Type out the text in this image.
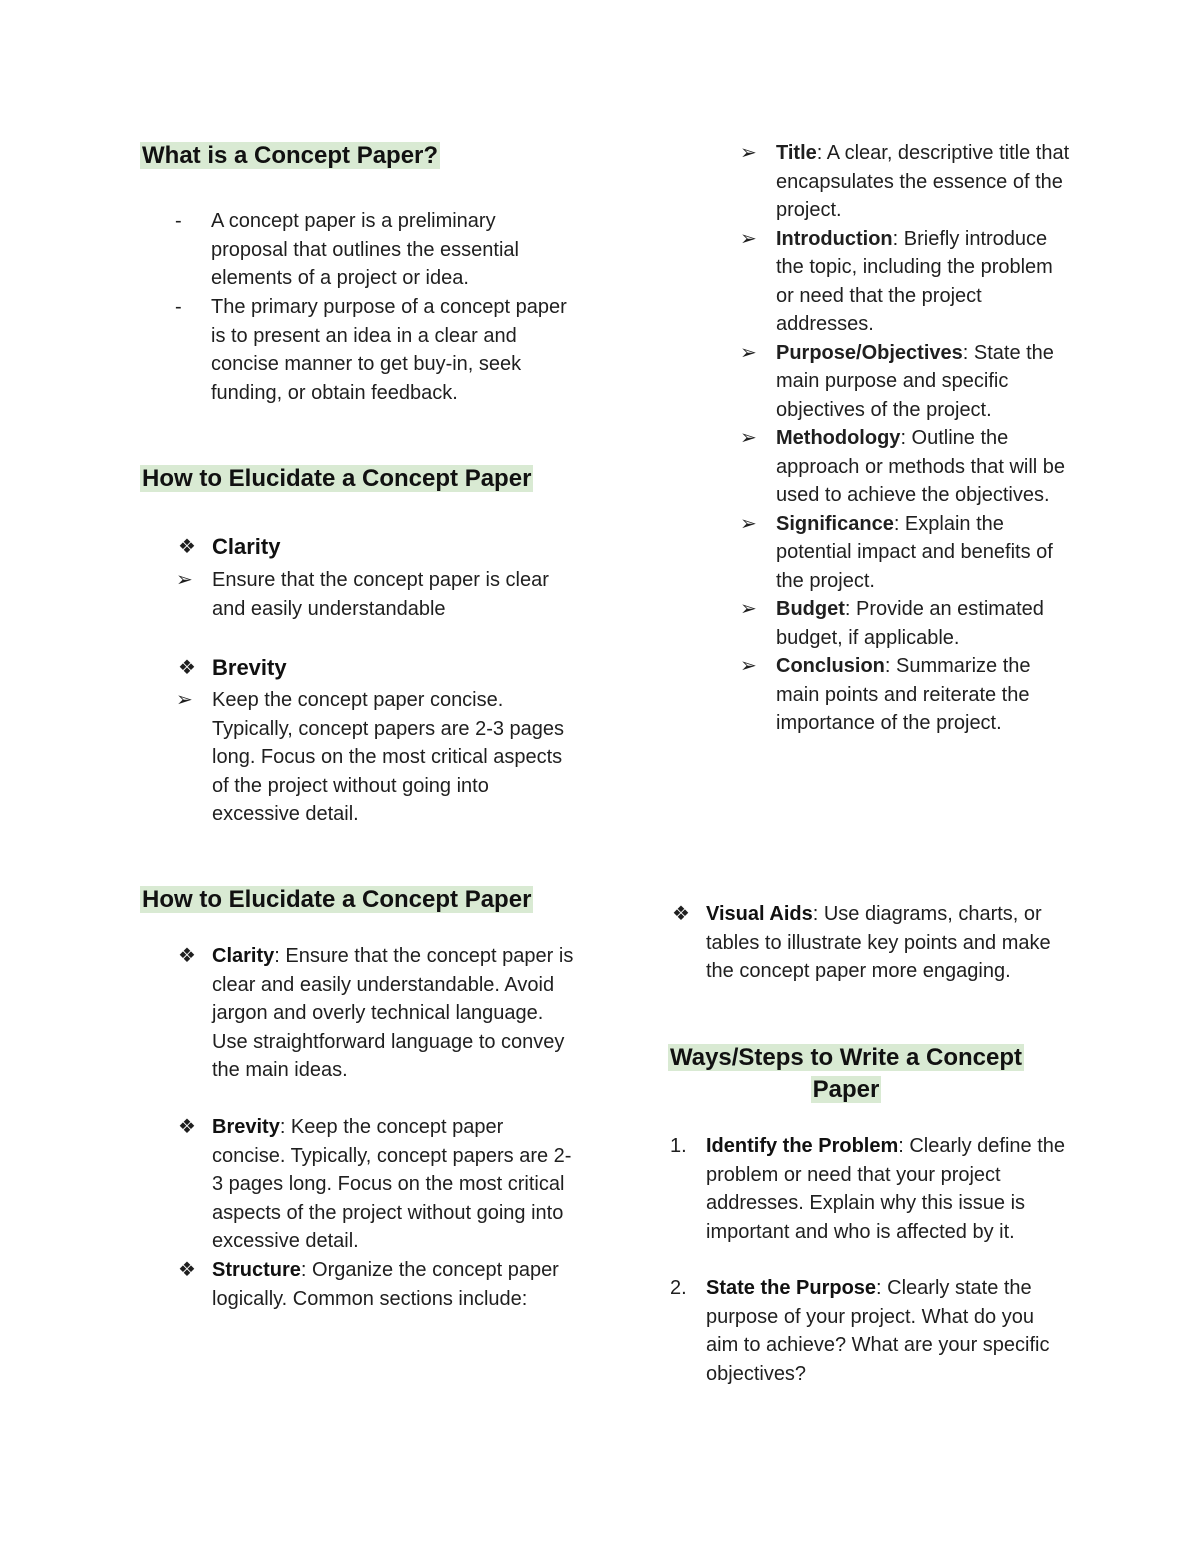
What is a Concept Paper?
- A concept paper is a preliminary proposal that outlines the essential elements of a project or idea.
- The primary purpose of a concept paper is to present an idea in a clear and concise manner to get buy-in, seek funding, or obtain feedback.
How to Elucidate a Concept Paper
❖ Clarity
➢ Ensure that the concept paper is clear and easily understandable
❖ Brevity
➢ Keep the concept paper concise. Typically, concept papers are 2-3 pages long. Focus on the most critical aspects of the project without going into excessive detail.
How to Elucidate a Concept Paper
❖ Clarity: Ensure that the concept paper is clear and easily understandable. Avoid jargon and overly technical language. Use straightforward language to convey the main ideas.
❖ Brevity: Keep the concept paper concise. Typically, concept papers are 2-3 pages long. Focus on the most critical aspects of the project without going into excessive detail.
❖ Structure: Organize the concept paper logically. Common sections include:
➢ Title: A clear, descriptive title that encapsulates the essence of the project.
➢ Introduction: Briefly introduce the topic, including the problem or need that the project addresses.
➢ Purpose/Objectives: State the main purpose and specific objectives of the project.
➢ Methodology: Outline the approach or methods that will be used to achieve the objectives.
➢ Significance: Explain the potential impact and benefits of the project.
➢ Budget: Provide an estimated budget, if applicable.
➢ Conclusion: Summarize the main points and reiterate the importance of the project.
❖ Visual Aids: Use diagrams, charts, or tables to illustrate key points and make the concept paper more engaging.
Ways/Steps to Write a Concept
Paper
1. Identify the Problem: Clearly define the problem or need that your project addresses. Explain why this issue is important and who is affected by it.
2. State the Purpose: Clearly state the purpose of your project. What do you aim to achieve? What are your specific objectives?
